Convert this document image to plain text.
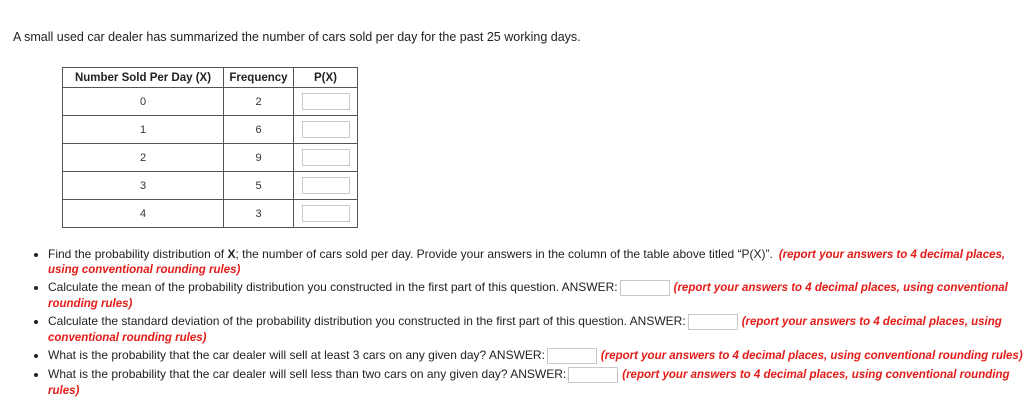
A small used car dealer has summarized the number of cars sold per day for the past 25 working days.
Number Sold Per Day (X)	Frequency	P(X)
0	2	
1	6	
2	9	
3	5	
4	3	
• Find the probability distribution of X; the number of cars sold per day. Provide your answers in the column of the table above titled “P(X)”. (report your answers to 4 decimal places, using conventional rounding rules)
• Calculate the mean of the probability distribution you constructed in the first part of this question. ANSWER:	(report your answers to 4 decimal places, using conventional rounding rules)
• Calculate the standard deviation of the probability distribution you constructed in the first part of this question. ANSWER:	(report your answers to 4 decimal places, using conventional rounding rules)
• What is the probability that the car dealer will sell at least 3 cars on any given day? ANSWER:	(report your answers to 4 decimal places, using conventional rounding rules)
• What is the probability that the car dealer will sell less than two cars on any given day? ANSWER:	(report your answers to 4 decimal places, using conventional rounding rules)
